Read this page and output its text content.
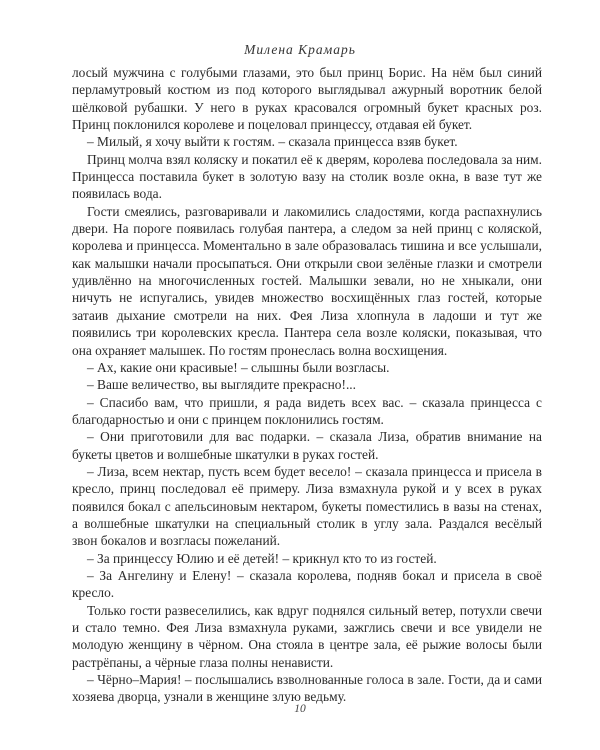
Милена Крамарь

лосый мужчина с голубыми глазами, это был принц Борис. На нём был синий перламутровый костюм из под которого выглядывал ажурный воротник белой шёлковой рубашки. У него в руках красовался огромный букет красных роз. Принц поклонился королеве и поцеловал принцессу, отдавая ей букет.

– Милый, я хочу выйти к гостям. – сказала принцесса взяв букет.

Принц молча взял коляску и покатил её к дверям, королева последовала за ним. Принцесса поставила букет в золотую вазу на столик возле окна, в вазе тут же появилась вода.

Гости смеялись, разговаривали и лакомились сладостями, когда распахнулись двери. На пороге появилась голубая пантера, а следом за ней принц с коляской, королева и принцесса. Моментально в зале образовалась тишина и все услышали, как малышки начали просыпаться. Они открыли свои зелёные глазки и смотрели удивлённо на многочисленных гостей. Малышки зевали, но не хныкали, они ничуть не испугались, увидев множество восхищённых глаз гостей, которые затаив дыхание смотрели на них. Фея Лиза хлопнула в ладоши и тут же появились три королевских кресла. Пантера села возле коляски, показывая, что она охраняет малышек. По гостям пронеслась волна восхищения.

– Ах, какие они красивые! – слышны были возгласы.

– Ваше величество, вы выглядите прекрасно!...

– Спасибо вам, что пришли, я рада видеть всех вас. – сказала принцесса с благодарностью и они с принцем поклонились гостям.

– Они приготовили для вас подарки. – сказала Лиза, обратив внимание на букеты цветов и волшебные шкатулки в руках гостей.

– Лиза, всем нектар, пусть всем будет весело! – сказала принцесса и присела в кресло, принц последовал её примеру. Лиза взмахнула рукой и у всех в руках появился бокал с апельсиновым нектаром, букеты поместились в вазы на стенах, а волшебные шкатулки на специальный столик в углу зала. Раздался весёлый звон бокалов и возгласы пожеланий.

– За принцессу Юлию и её детей! – крикнул кто то из гостей.

– За Ангелину и Елену! – сказала королева, подняв бокал и присела в своё кресло.

Только гости развеселились, как вдруг поднялся сильный ветер, потухли свечи и стало темно. Фея Лиза взмахнула руками, зажглись свечи и все увидели не молодую женщину в чёрном. Она стояла в центре зала, её рыжие волосы были растрёпаны, а чёрные глаза полны ненависти.

– Чёрно–Мария! – послышались взволнованные голоса в зале. Гости, да и сами хозяева дворца, узнали в женщине злую ведьму.

10
